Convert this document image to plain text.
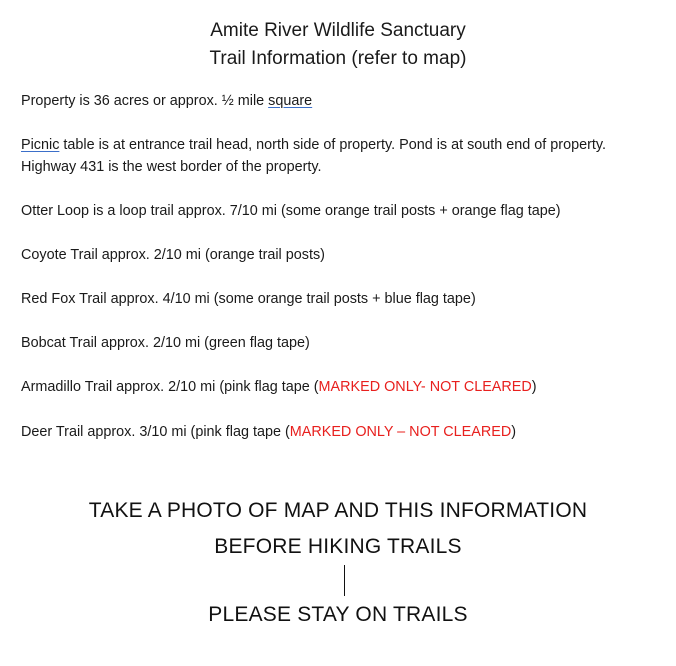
Amite River Wildlife Sanctuary
Trail Information (refer to map)
Property is 36 acres or approx. ½ mile square
Picnic table is at entrance trail head, north side of property. Pond is at south end of property.
Highway 431 is the west border of the property.
Otter Loop is a loop trail approx. 7/10 mi (some orange trail posts + orange flag tape)
Coyote Trail approx. 2/10 mi (orange trail posts)
Red Fox Trail approx. 4/10 mi (some orange trail posts + blue flag tape)
Bobcat Trail approx. 2/10 mi (green flag tape)
Armadillo Trail approx. 2/10 mi (pink flag tape (MARKED ONLY- NOT CLEARED)
Deer Trail approx. 3/10 mi (pink flag tape (MARKED ONLY – NOT CLEARED)
TAKE A PHOTO OF MAP AND THIS INFORMATION
BEFORE HIKING TRAILS
PLEASE STAY ON TRAILS
